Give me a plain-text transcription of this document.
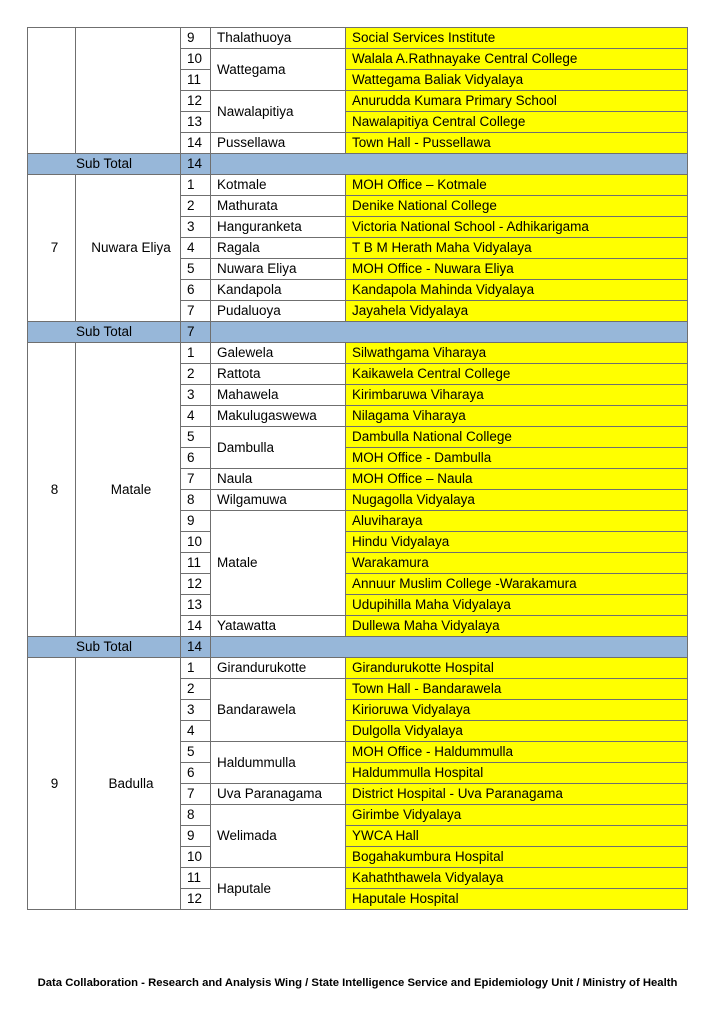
		9	Thalathuoya	Social Services Institute
		10	Wattegama	Walala A.Rathnayake Central College
		11		Wattegama Baliak Vidyalaya
		12	Nawalapitiya	Anurudda Kumara Primary School
		13		Nawalapitiya Central College
		14	Pussellawa	Town Hall - Pussellawa
Sub Total		14		
7	Nuwara Eliya	1	Kotmale	MOH Office – Kotmale
		2	Mathurata	Denike National College
		3	Hanguranketa	Victoria National School - Adhikarigama
		4	Ragala	T B M Herath Maha Vidyalaya
		5	Nuwara Eliya	MOH Office - Nuwara Eliya
		6	Kandapola	Kandapola Mahinda Vidyalaya
		7	Pudaluoya	Jayahela Vidyalaya
Sub Total		7		
8	Matale	1	Galewela	Silwathgama Viharaya
		2	Rattota	Kaikawela Central College
		3	Mahawela	Kirimbaruwa Viharaya
		4	Makulugaswewa	Nilagama Viharaya
		5	Dambulla	Dambulla National College
		6		MOH Office - Dambulla
		7	Naula	MOH Office – Naula
		8	Wilgamuwa	Nugagolla Vidyalaya
		9	Matale	Aluviharaya
		10		Hindu Vidyalaya
		11		Warakamura
		12		Annuur Muslim College -Warakamura
		13		Udupihilla Maha Vidyalaya
		14	Yatawatta	Dullewa Maha Vidyalaya
Sub Total		14		
9	Badulla	1	Girandurukotte	Girandurukotte Hospital
		2	Bandarawela	Town Hall - Bandarawela
		3		Kirioruwa Vidyalaya
		4		Dulgolla Vidyalaya
		5	Haldummulla	MOH Office - Haldummulla
		6		Haldummulla Hospital
		7	Uva Paranagama	District Hospital - Uva Paranagama
		8	Welimada	Girimbe Vidyalaya
		9		YWCA Hall
		10		Bogahakumbura Hospital
		11	Haputale	Kahaththawela Vidyalaya
		12		Haputale Hospital
Data Collaboration - Research and Analysis Wing / State Intelligence Service and Epidemiology Unit / Ministry of Health
